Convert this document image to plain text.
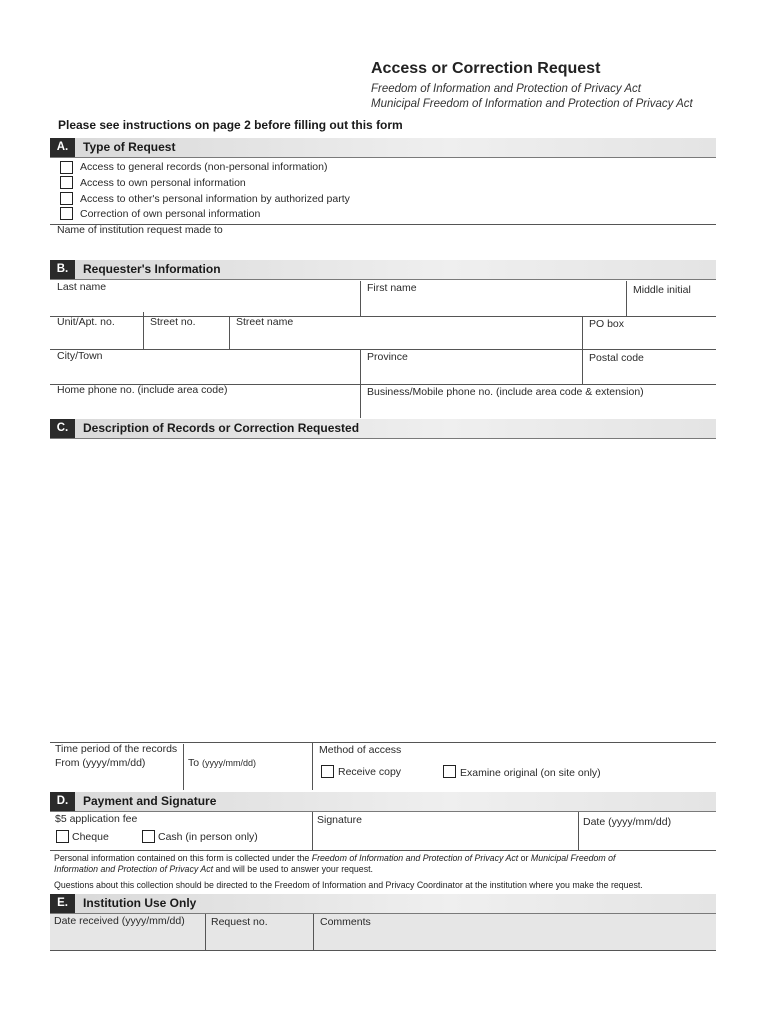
Access or Correction Request
Freedom of Information and Protection of Privacy Act
Municipal Freedom of Information and Protection of Privacy Act
Please see instructions on page 2 before filling out this form
A.	Type of Request
Access to general records (non-personal information)
Access to own personal information
Access to other's personal information by authorized party
Correction of own personal information
Name of institution request made to
B.	Requester's Information
Last name	First name	Middle initial
Unit/Apt. no.	Street no.	Street name	PO box
City/Town	Province	Postal code
Home phone no. (include area code)	Business/Mobile phone no. (include area code & extension)
C.	Description of Records or Correction Requested
Time period of the records
From (yyyy/mm/dd)	To (yyyy/mm/dd)
Method of access
Receive copy	Examine original (on site only)
D.	Payment and Signature
$5 application fee
Cheque	Cash (in person only)
Signature	Date (yyyy/mm/dd)
Personal information contained on this form is collected under the Freedom of Information and Protection of Privacy Act or Municipal Freedom of
Information and Protection of Privacy Act and will be used to answer your request.
Questions about this collection should be directed to the Freedom of Information and Privacy Coordinator at the institution where you make the request.
E.	Institution Use Only
Date received (yyyy/mm/dd)	Request no.	Comments
